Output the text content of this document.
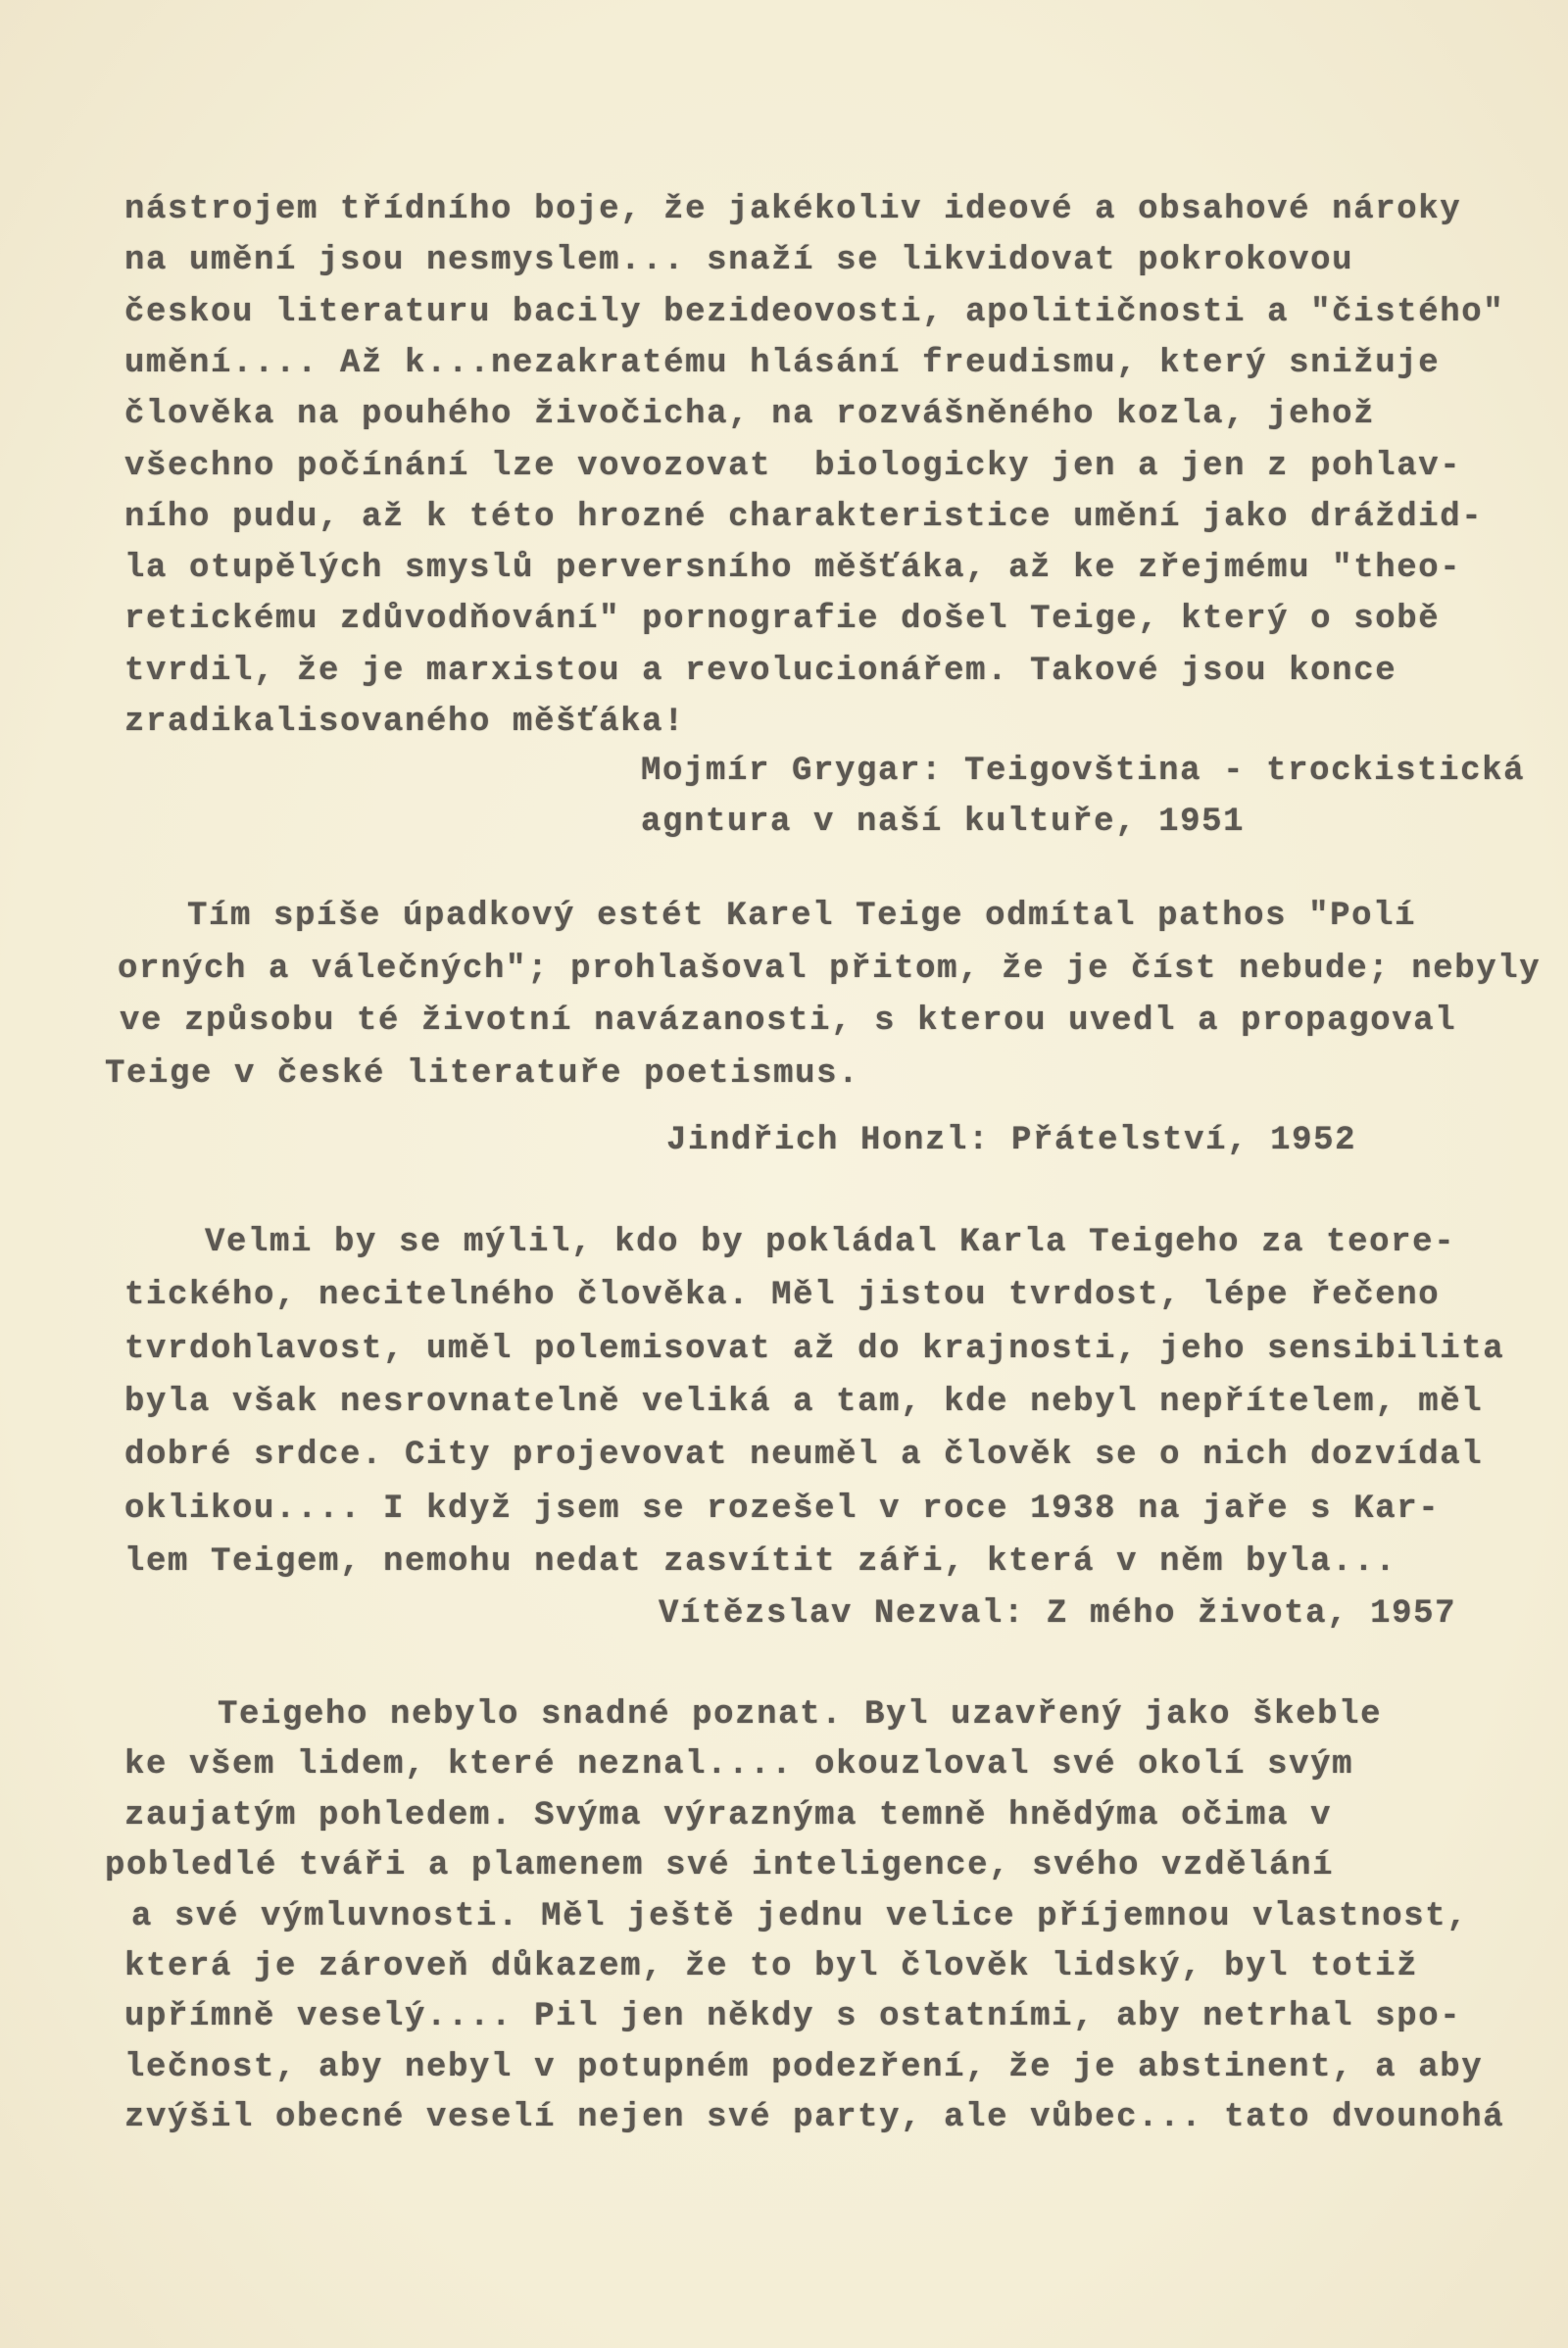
nástrojem třídního boje, že jakékoliv ideové a obsahové nároky
na umění jsou nesmyslem... snaží se likvidovat pokrokovou
českou literaturu bacily bezideovosti, apolitičnosti a "čistého"
umění.... Až k...nezakratému hlásání freudismu, který snižuje
člověka na pouhého živočicha, na rozvášněného kozla, jehož
všechno počínání lze vovozovat  biologicky jen a jen z pohlav-
ního pudu, až k této hrozné charakteristice umění jako dráždid-
la otupělých smyslů perversního měšťáka, až ke zřejmému "theo-
retickému zdůvodňování" pornografie došel Teige, který o sobě
tvrdil, že je marxistou a revolucionářem. Takové jsou konce
zradikalisovaného měšťáka!
Mojmír Grygar: Teigovština - trockistická
agntura v naší kultuře, 1951
Tím spíše úpadkový estét Karel Teige odmítal pathos "Polí
orných a válečných"; prohlašoval přitom, že je číst nebude; nebyly
ve způsobu té životní navázanosti, s kterou uvedl a propagoval
Teige v české literatuře poetismus.
Jindřich Honzl: Přátelství, 1952
Velmi by se mýlil, kdo by pokládal Karla Teigeho za teore-
tického, necitelného člověka. Měl jistou tvrdost, lépe řečeno
tvrdohlavost, uměl polemisovat až do krajnosti, jeho sensibilita
byla však nesrovnatelně veliká a tam, kde nebyl nepřítelem, měl
dobré srdce. City projevovat neuměl a člověk se o nich dozvídal
oklikou.... I když jsem se rozešel v roce 1938 na jaře s Kar-
lem Teigem, nemohu nedat zasvítit záři, která v něm byla...
Vítězslav Nezval: Z mého života, 1957
Teigeho nebylo snadné poznat. Byl uzavřený jako škeble
ke všem lidem, které neznal.... okouzloval své okolí svým
zaujatým pohledem. Svýma výraznýma temně hnědýma očima v
pobledlé tváři a plamenem své inteligence, svého vzdělání
a své výmluvnosti. Měl ještě jednu velice příjemnou vlastnost,
která je zároveň důkazem, že to byl člověk lidský, byl totiž
upřímně veselý.... Pil jen někdy s ostatními, aby netrhal spo-
lečnost, aby nebyl v potupném podezření, že je abstinent, a aby
zvýšil obecné veselí nejen své party, ale vůbec... tato dvounohá
